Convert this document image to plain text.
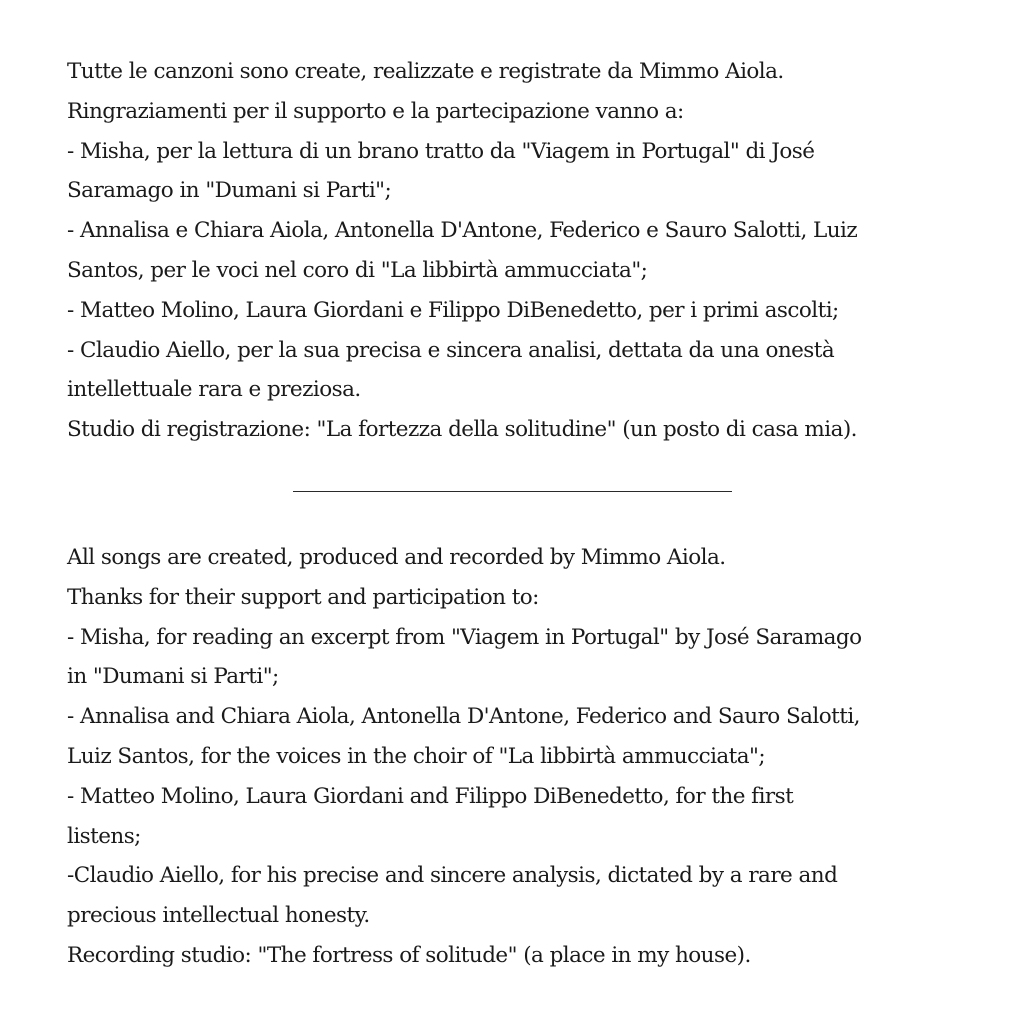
Tutte le canzoni sono create, realizzate e registrate da Mimmo Aiola.

Ringraziamenti per il supporto e la partecipazione vanno a:

- Misha, per la lettura di un brano tratto da "Viagem in Portugal" di José

Saramago in "Dumani si Parti";

- Annalisa e Chiara Aiola, Antonella D'Antone, Federico e Sauro Salotti, Luiz

Santos, per le voci nel coro di "La libbirtà ammucciata";

- Matteo Molino, Laura Giordani e Filippo DiBenedetto, per i primi ascolti;

- Claudio Aiello, per la sua precisa e sincera analisi, dettata da una onestà

intellettuale rara e preziosa.

Studio di registrazione: "La fortezza della solitudine" (un posto di casa mia).

All songs are created, produced and recorded by Mimmo Aiola.

Thanks for their support and participation to:

- Misha, for reading an excerpt from "Viagem in Portugal" by José Saramago

in "Dumani si Parti";

- Annalisa and Chiara Aiola, Antonella D'Antone, Federico and Sauro Salotti,

Luiz Santos, for the voices in the choir of "La libbirtà ammucciata";

- Matteo Molino, Laura Giordani and Filippo DiBenedetto, for the first

listens;

-Claudio Aiello, for his precise and sincere analysis, dictated by a rare and

precious intellectual honesty.

Recording studio: "The fortress of solitude" (a place in my house).
